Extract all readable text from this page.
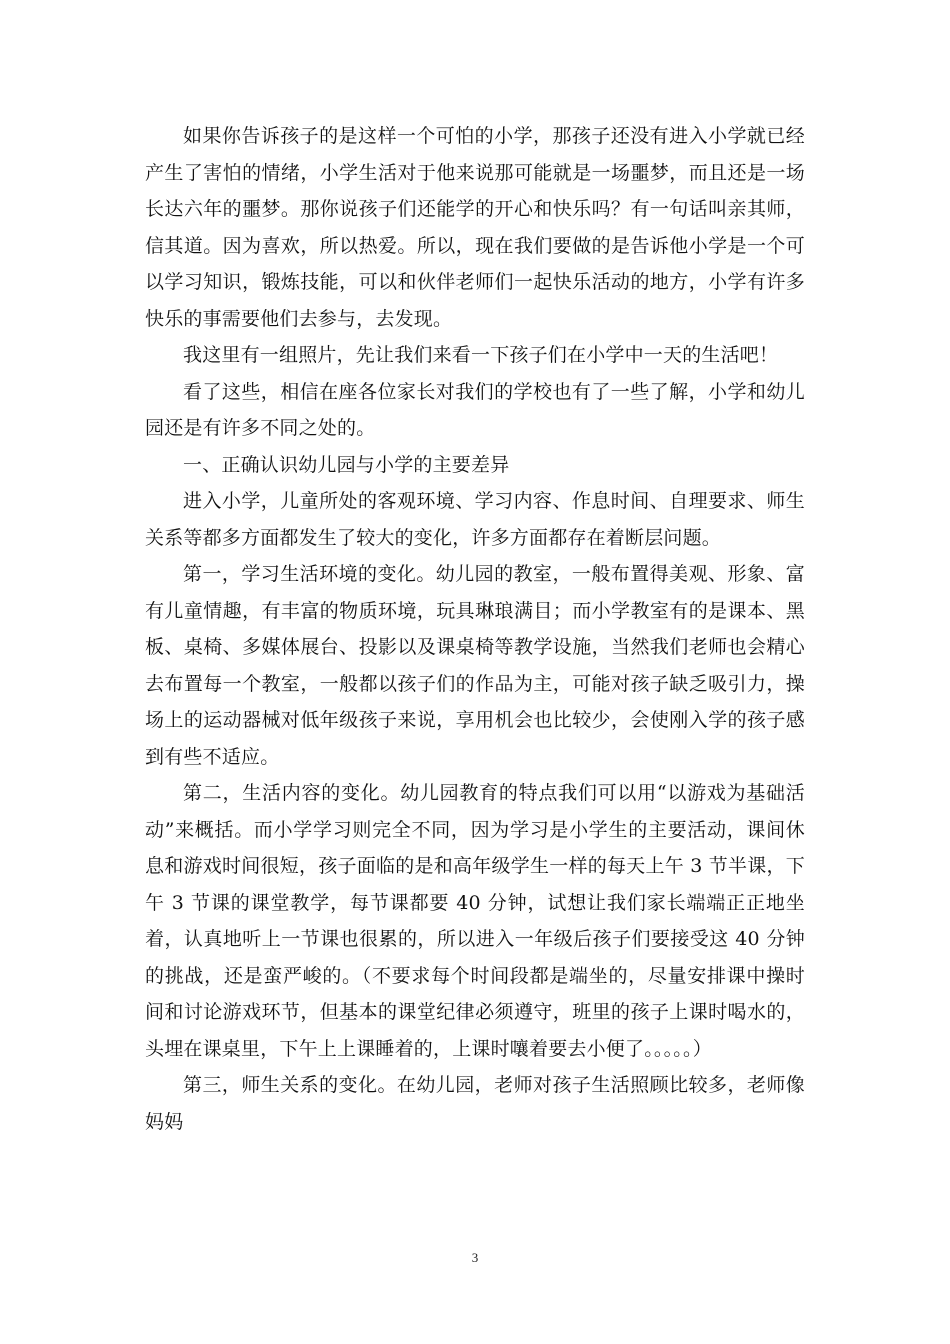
如果你告诉孩子的是这样一个可怕的小学，那孩子还没有进入小学就已经产生了害怕的情绪，小学生活对于他来说那可能就是一场噩梦，而且还是一场长达六年的噩梦。那你说孩子们还能学的开心和快乐吗？有一句话叫亲其师，信其道。因为喜欢，所以热爱。所以，现在我们要做的是告诉他小学是一个可以学习知识，锻炼技能，可以和伙伴老师们一起快乐活动的地方，小学有许多快乐的事需要他们去参与，去发现。

我这里有一组照片，先让我们来看一下孩子们在小学中一天的生活吧！

看了这些，相信在座各位家长对我们的学校也有了一些了解，小学和幼儿园还是有许多不同之处的。

一、正确认识幼儿园与小学的主要差异

进入小学，儿童所处的客观环境、学习内容、作息时间、自理要求、师生关系等都多方面都发生了较大的变化，许多方面都存在着断层问题。

第一，学习生活环境的变化。幼儿园的教室，一般布置得美观、形象、富有儿童情趣，有丰富的物质环境，玩具琳琅满目；而小学教室有的是课本、黑板、桌椅、多媒体展台、投影以及课桌椅等教学设施，当然我们老师也会精心去布置每一个教室，一般都以孩子们的作品为主，可能对孩子缺乏吸引力，操场上的运动器械对低年级孩子来说，享用机会也比较少，会使刚入学的孩子感到有些不适应。

第二，生活内容的变化。幼儿园教育的特点我们可以用“以游戏为基础活动”来概括。而小学学习则完全不同，因为学习是小学生的主要活动，课间休息和游戏时间很短，孩子面临的是和高年级学生一样的每天上午 3 节半课，下午 3 节课的课堂教学，每节课都要 40 分钟，试想让我们家长端端正正地坐着，认真地听上一节课也很累的，所以进入一年级后孩子们要接受这 40 分钟的挑战，还是蛮严峻的。（不要求每个时间段都是端坐的，尽量安排课中操时间和讨论游戏环节，但基本的课堂纪律必须遵守，班里的孩子上课时喝水的，头埋在课桌里，下午上上课睡着的，上课时嚷着要去小便了。。。。。）

第三，师生关系的变化。在幼儿园，老师对孩子生活照顾比较多，老师像妈妈

3
